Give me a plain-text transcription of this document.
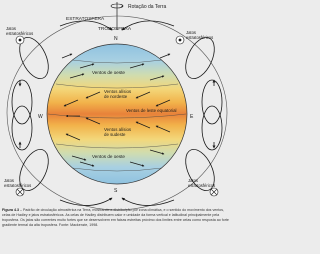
Rotação da Terra
ESTRATOSFERA
TROPOSFERA
Jatos estratosféricos	Jatos estratosféricos
Jatos estratosféricos
Jatos estratosféricos
Ventos de oeste
Ventos alísios de nordeste
Ventos de leste equatorial
Ventos alísios de sudeste
Ventos de oeste
N
S
W	E
Figura 4.3 – Padrão de circulação atmosférica na Terra, mostrando a distribuição por zona climática, e o sentido do movimento dos ventos, celas de Hadley e jatos estratosféricos. As celas de Hadley distribuem calor e umidade da forma vertical e latitudinal principalmente pela troposfera. Os jatos são correntes muito fortes que se desenvolvem em faixas estreitas próximo dos limites entre celas como resposta ao forte gradiente termal da alta troposfera. Fonte: Mackenzie, 1998.
